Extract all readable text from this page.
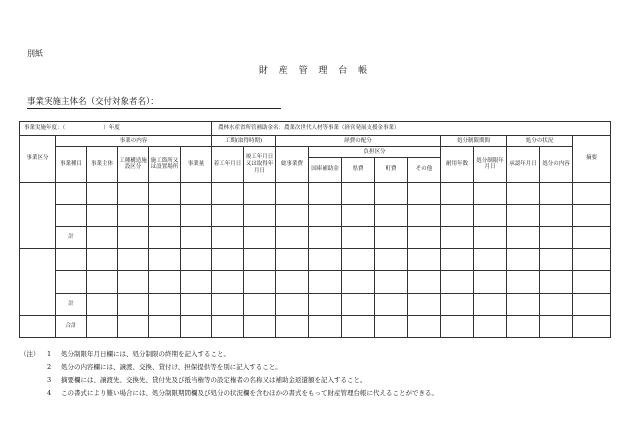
別紙
財 産 管 理 台 帳
事業実施主体名（交付対象者名）：
事業実施年度：（ ）年度						農林水産省所管補助金名：農業次世代人材等事業（経営発展支援金事業）											
事業区分	事業の内容					工期(取得時期)		経費の配分					処分制限期間		処分の状況		摘要
	事業種目	事業主体	工種構造施設区分	施工箇所又は設置場所	事業量	着工年月日	竣工年月日又は取得年月日	総事業費	負担区分				耐用年数	処分制限年月日	承認年月日	処分の内容	
									国庫補助金	県費	町費	その他					

	計																

	計																
	合計																
（注）	1	処分制限年月日欄には、処分制限の終期を記入すること。
2	処分の内容欄には、譲渡、交換、貸付け、担保提供等を別に記入すること。
3	摘要欄には、譲渡先、交換先、貸付先及び抵当権等の設定権者の名称又は補助金返還額を記入すること。
4	この書式により難い場合には、処分制限期間欄及び処分の状況欄を含むほかの書式をもって財産管理台帳に代えることができる。
